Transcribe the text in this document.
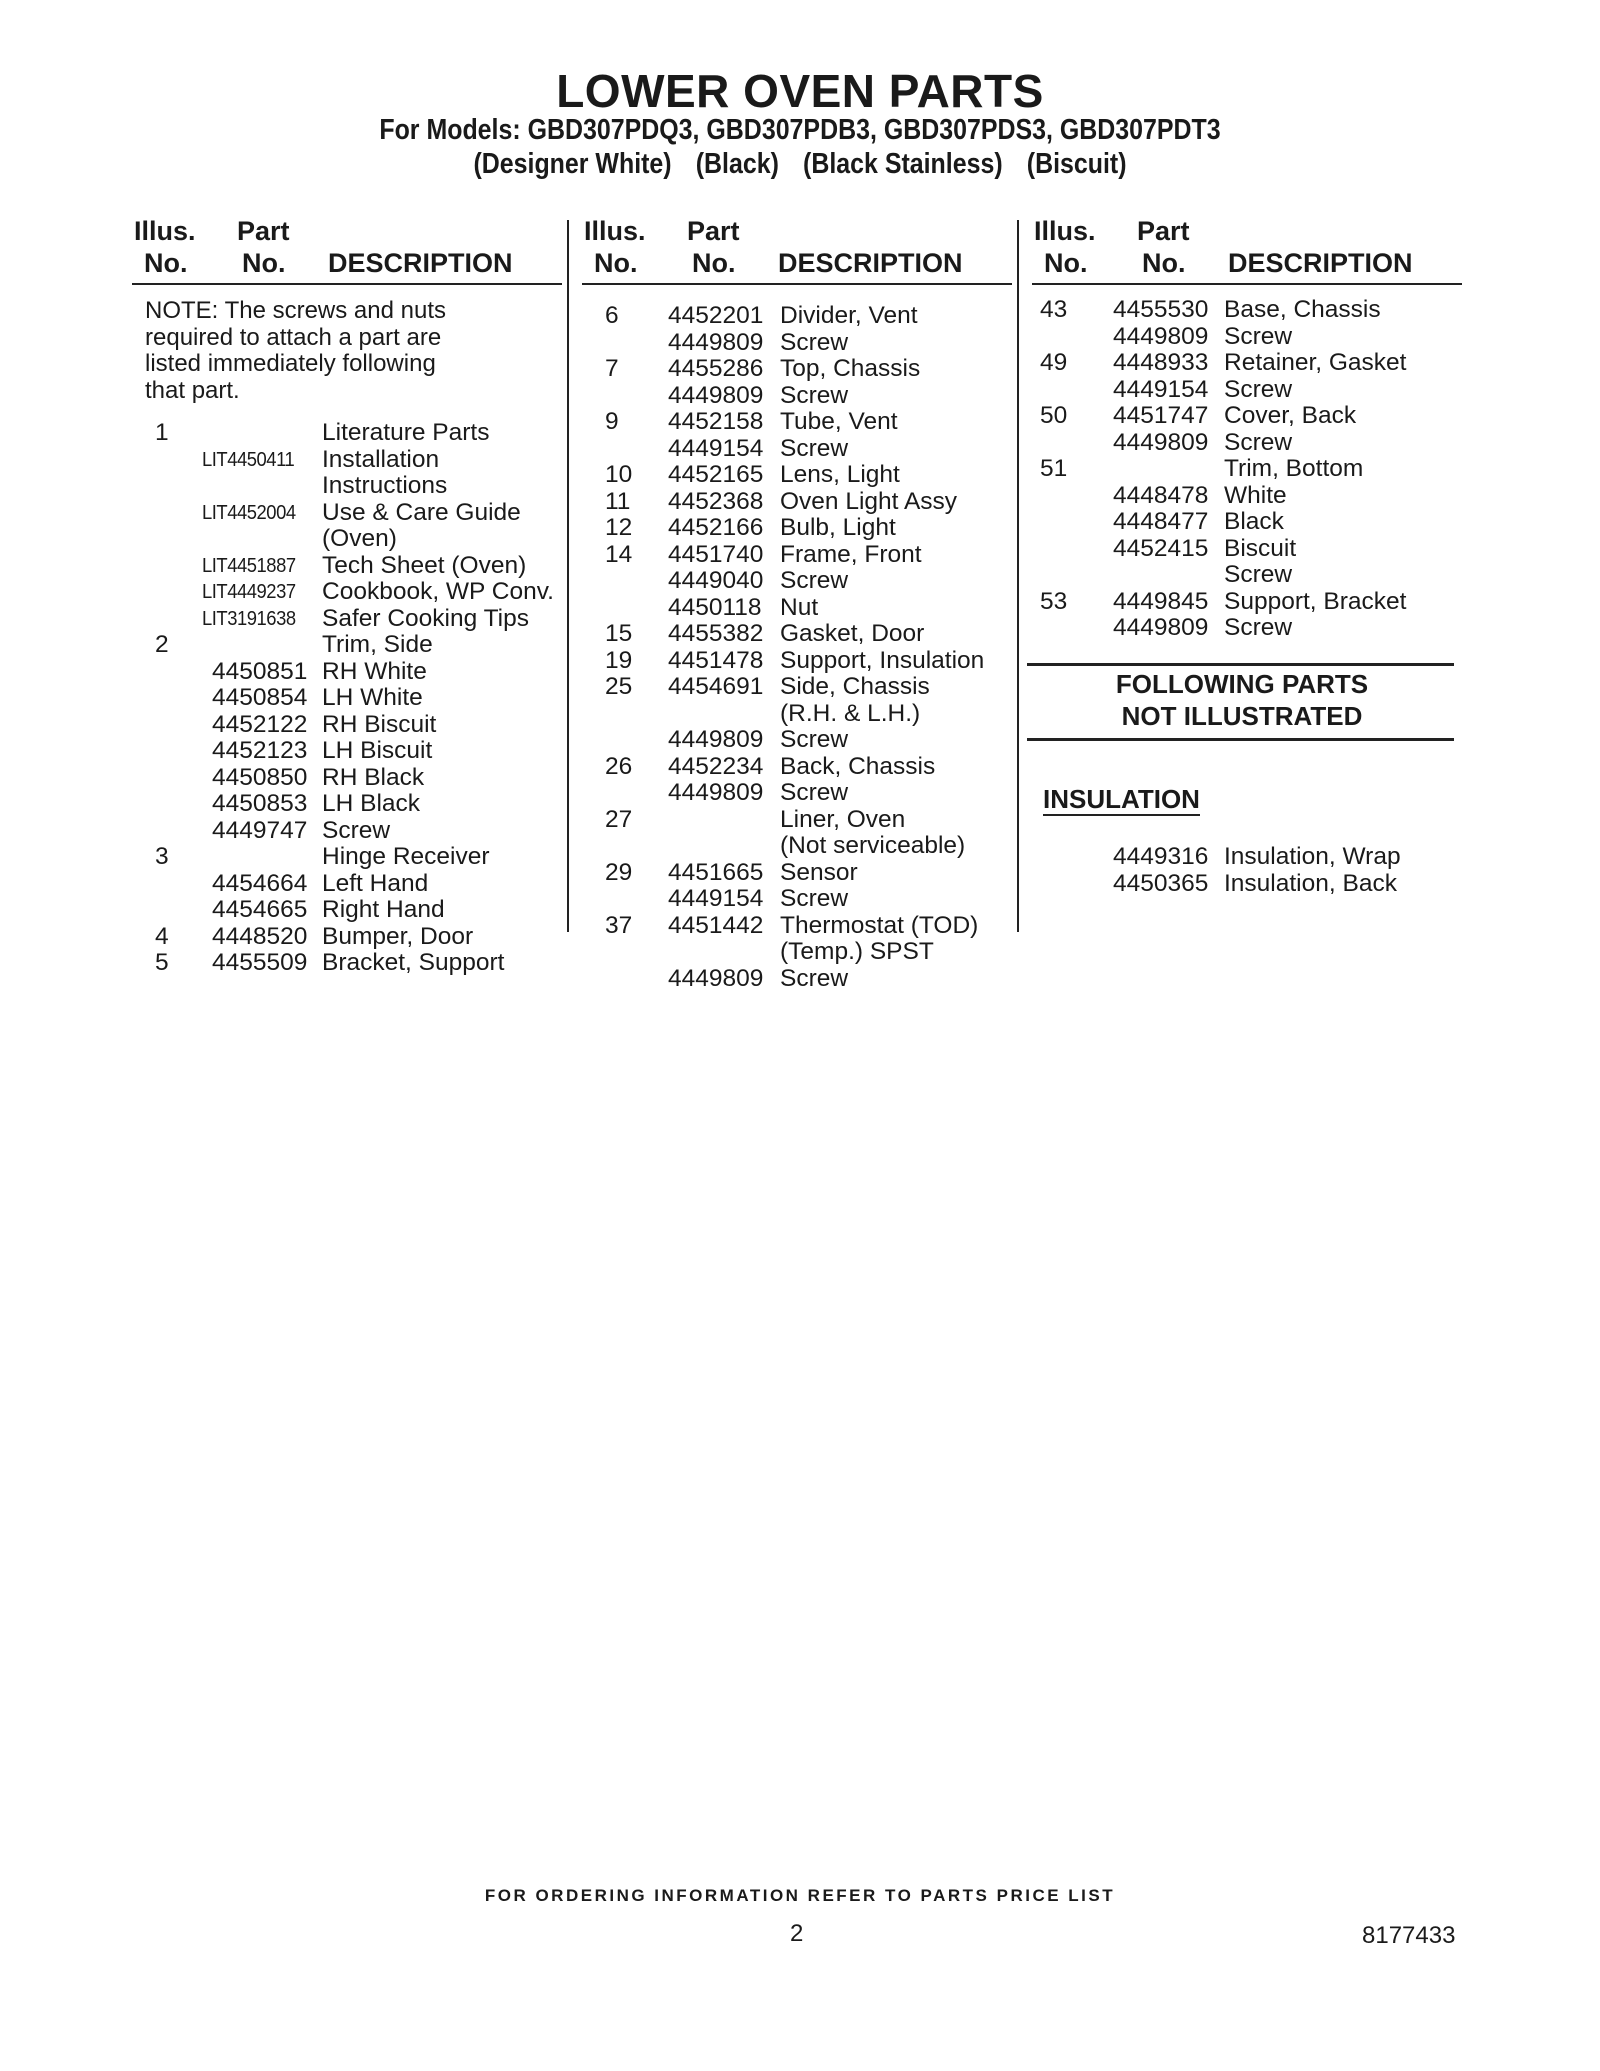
LOWER OVEN PARTS
For Models: GBD307PDQ3, GBD307PDB3, GBD307PDS3, GBD307PDT3
(Designer White) (Black) (Black Stainless) (Biscuit)
Illus. Part
No. No. DESCRIPTION
Illus. Part
No. No. DESCRIPTION
Illus. Part
No. No. DESCRIPTION
NOTE: The screws and nuts required to attach a part are listed immediately following that part.
1	Literature Parts
LIT4450411 Installation
Instructions
LIT4452004 Use & Care Guide
(Oven)
LIT4451887 Tech Sheet (Oven)
LIT4449237 Cookbook, WP Conv.
LIT3191638 Safer Cooking Tips
2	Trim, Side
4450851 RH White
4450854 LH White
4452122 RH Biscuit
4452123 LH Biscuit
4450850 RH Black
4450853 LH Black
4449747 Screw
3	Hinge Receiver
4454664 Left Hand
4454665 Right Hand
4 4448520 Bumper, Door
5 4455509 Bracket, Support
6 4452201 Divider, Vent
4449809 Screw
7 4455286 Top, Chassis
4449809 Screw
9 4452158 Tube, Vent
4449154 Screw
10 4452165 Lens, Light
11 4452368 Oven Light Assy
12 4452166 Bulb, Light
14 4451740 Frame, Front
4449040 Screw
4450118 Nut
15 4455382 Gasket, Door
19 4451478 Support, Insulation
25 4454691 Side, Chassis
(R.H. & L.H.)
4449809 Screw
26 4452234 Back, Chassis
4449809 Screw
27	Liner, Oven
(Not serviceable)
29 4451665 Sensor
4449154 Screw
37 4451442 Thermostat (TOD)
(Temp.) SPST
4449809 Screw
43 4455530 Base, Chassis
4449809 Screw
49 4448933 Retainer, Gasket
4449154 Screw
50 4451747 Cover, Back
4449809 Screw
51	Trim, Bottom
4448478 White
4448477 Black
4452415 Biscuit
Screw
53 4449845 Support, Bracket
4449809 Screw
FOLLOWING PARTS
NOT ILLUSTRATED
INSULATION
4449316 Insulation, Wrap
4450365 Insulation, Back
FOR ORDERING INFORMATION REFER TO PARTS PRICE LIST
2	8177433
